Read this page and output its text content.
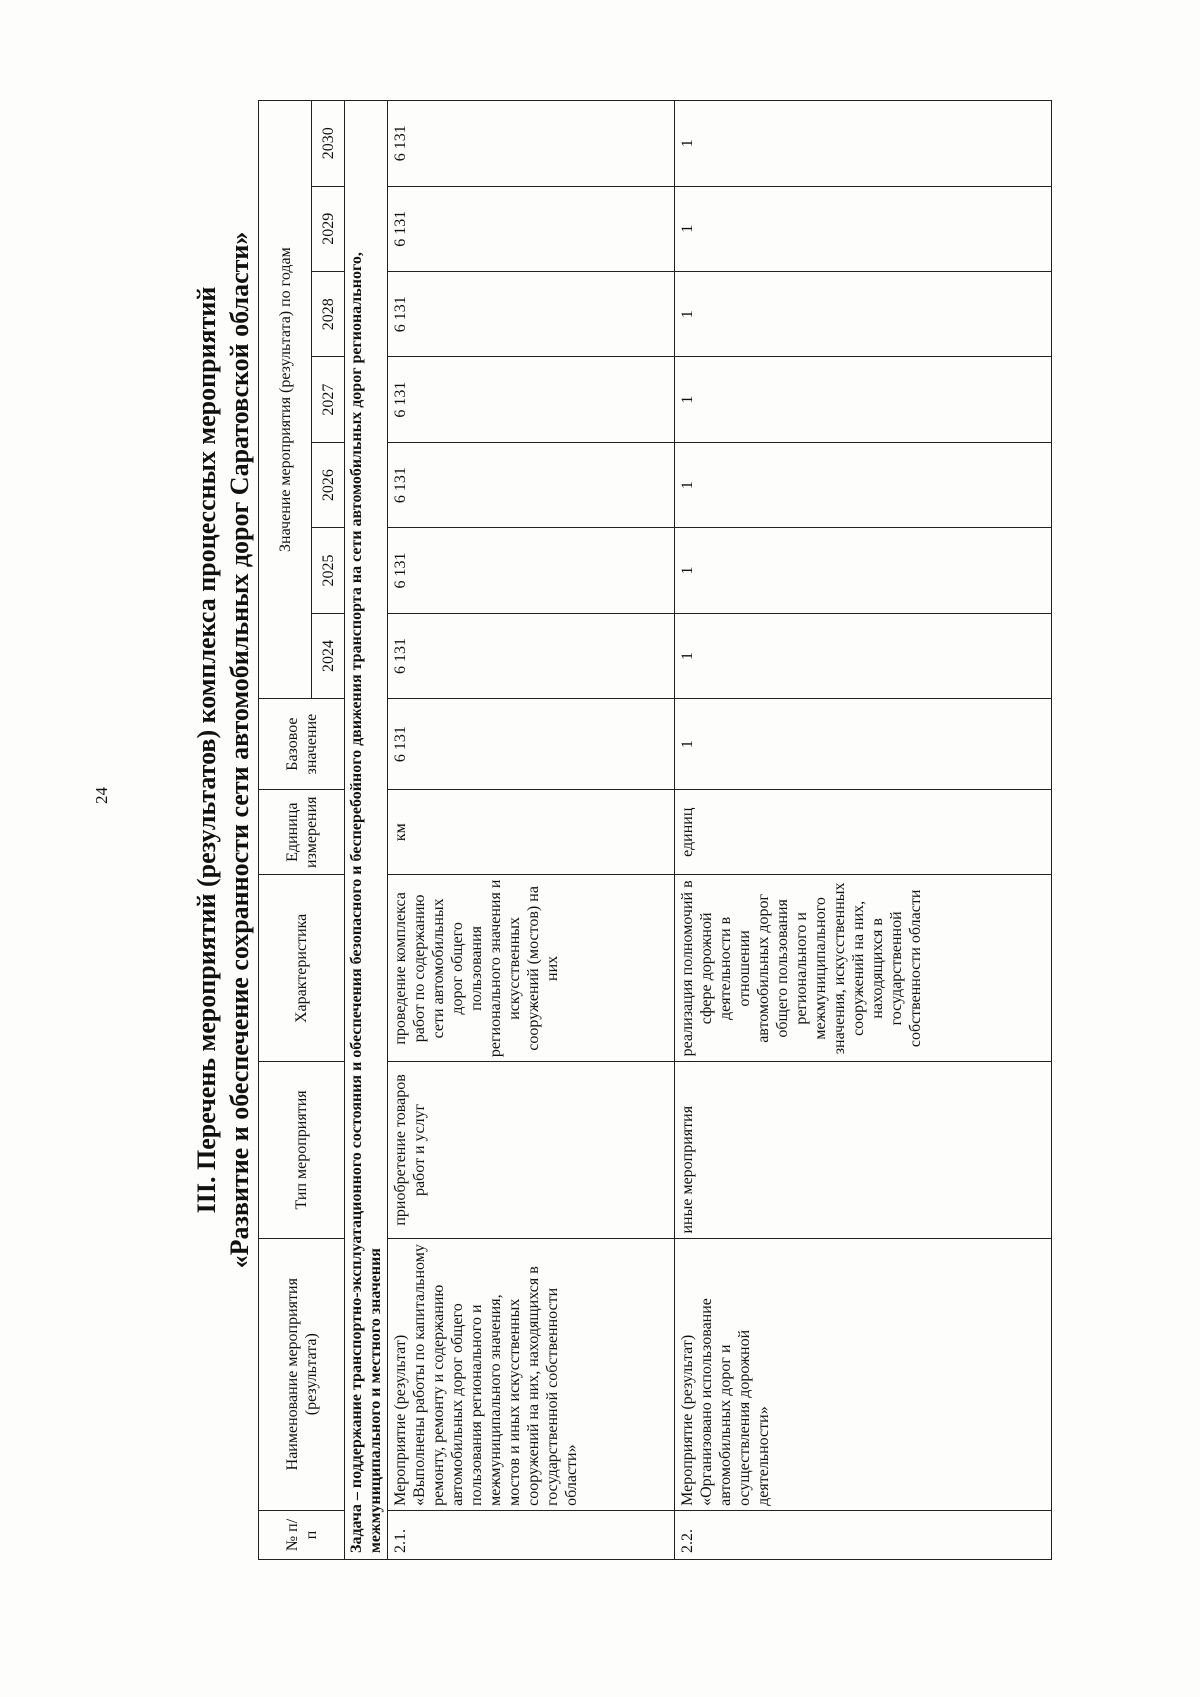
24	III. Перечень мероприятий (результатов) комплекса процессных мероприятий «Развитие и обеспечение сохранности сети автомобильных дорог Саратовской области»
№ п/п	Наименование мероприятия (результата)	Тип мероприятия	Характеристика	Единица измерения	Базовое значение	Значение мероприятия (результата) по годам						
						2024	2025	2026	2027	2028	2029	2030
Задача – поддержание транспортно-эксплуатационного состояния и обеспечения безопасного и бесперебойного движения транспорта на сети автомобильных дорог регионального, межмуниципального и местного значения												
2.1.	Мероприятие (результат) «Выполнены работы по капитальному ремонту, ремонту и содержанию автомобильных дорог общего пользования регионального и межмуниципального значения, мостов и иных искусственных сооружений на них, находящихся в государственной собственности области»	приобретение товаров работ и услуг	проведение комплекса работ по содержанию сети автомобильных дорог общего пользования регионального значения и искусственных сооружений (мостов) на них	км	6 131	6 131	6 131	6 131	6 131	6 131	6 131	6 131
2.2.	Мероприятие (результат) «Организовано использование автомобильных дорог и осуществления дорожной деятельности»	иные мероприятия	реализация полномочий в сфере дорожной деятельности в отношении автомобильных дорог общего пользования регионального и межмуниципального значения, искусственных сооружений на них, находящихся в государственной собственности области	единиц	1	1	1	1	1	1	1	1
